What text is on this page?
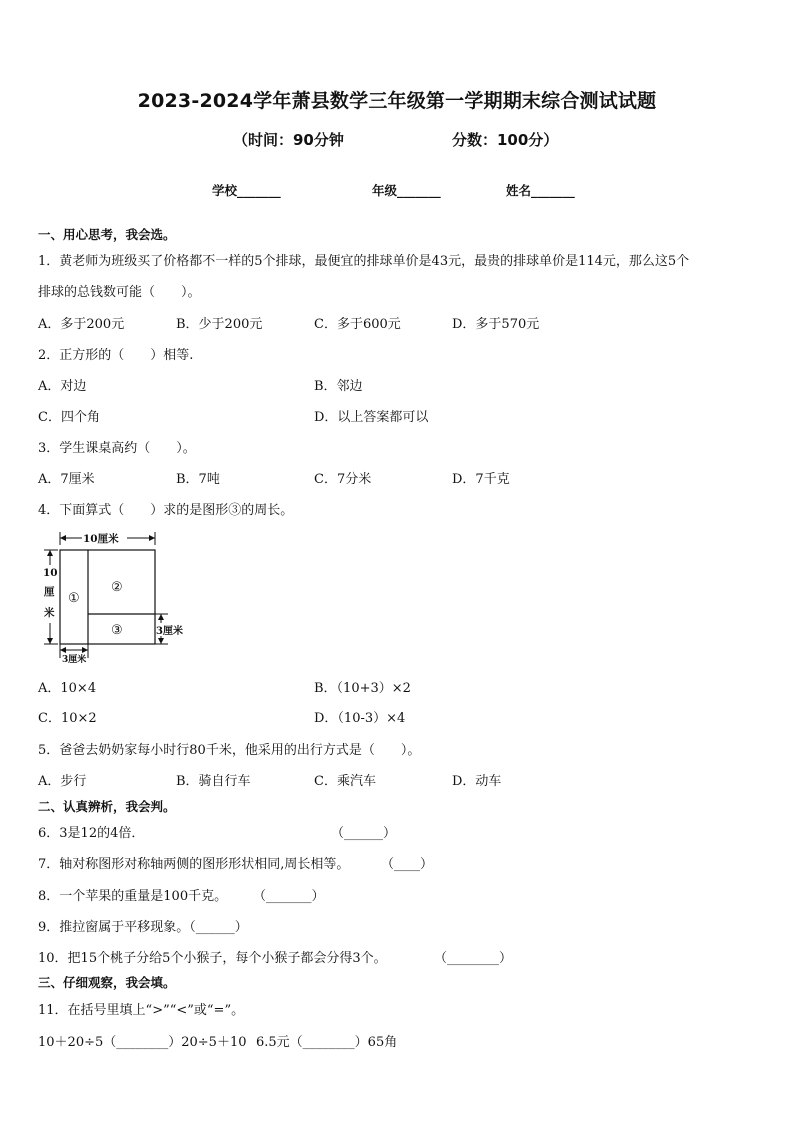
2023-2024学年萧县数学三年级第一学期期末综合测试试题
（时间：90分钟	分数：100分）
学校_______	年级_______	姓名_______
一、用心思考，我会选。
1．黄老师为班级买了价格都不一样的5个排球，最便宜的排球单价是43元，最贵的排球单价是114元，那么这5个
排球的总钱数可能（　　）。
A．多于200元	B．少于200元	C．多于600元	D．多于570元
2．正方形的（　　）相等.
A．对边	B．邻边
C．四个角	D．以上答案都可以
3．学生课桌高约（　　）。
A．7厘米	B．7吨	C．7分米	D．7千克
4．下面算式（　　）求的是图形③的周长。
10厘米
10
厘
米
①
②
③	3厘米
3厘米
A．10×4	B．（10+3）×2
C．10×2	D．（10-3）×4
5．爸爸去奶奶家每小时行80千米，他采用的出行方式是（　　）。
A．步行	B．骑自行车	C．乘汽车	D．动车
二、认真辨析，我会判。
6．3是12的4倍．	（______）
7．轴对称图形对称轴两侧的图形形状相同,周长相等。 （____）
8．一个苹果的重量是100千克。 （_______）
9．推拉窗属于平移现象。（______）
10．把15个桃子分给5个小猴子，每个小猴子都会分得3个。	（________）
三、仔细观察，我会填。
11．在括号里填上“>”“<”或“=”。
10＋20÷5（________）20÷5＋10 6.5元（________）65角
